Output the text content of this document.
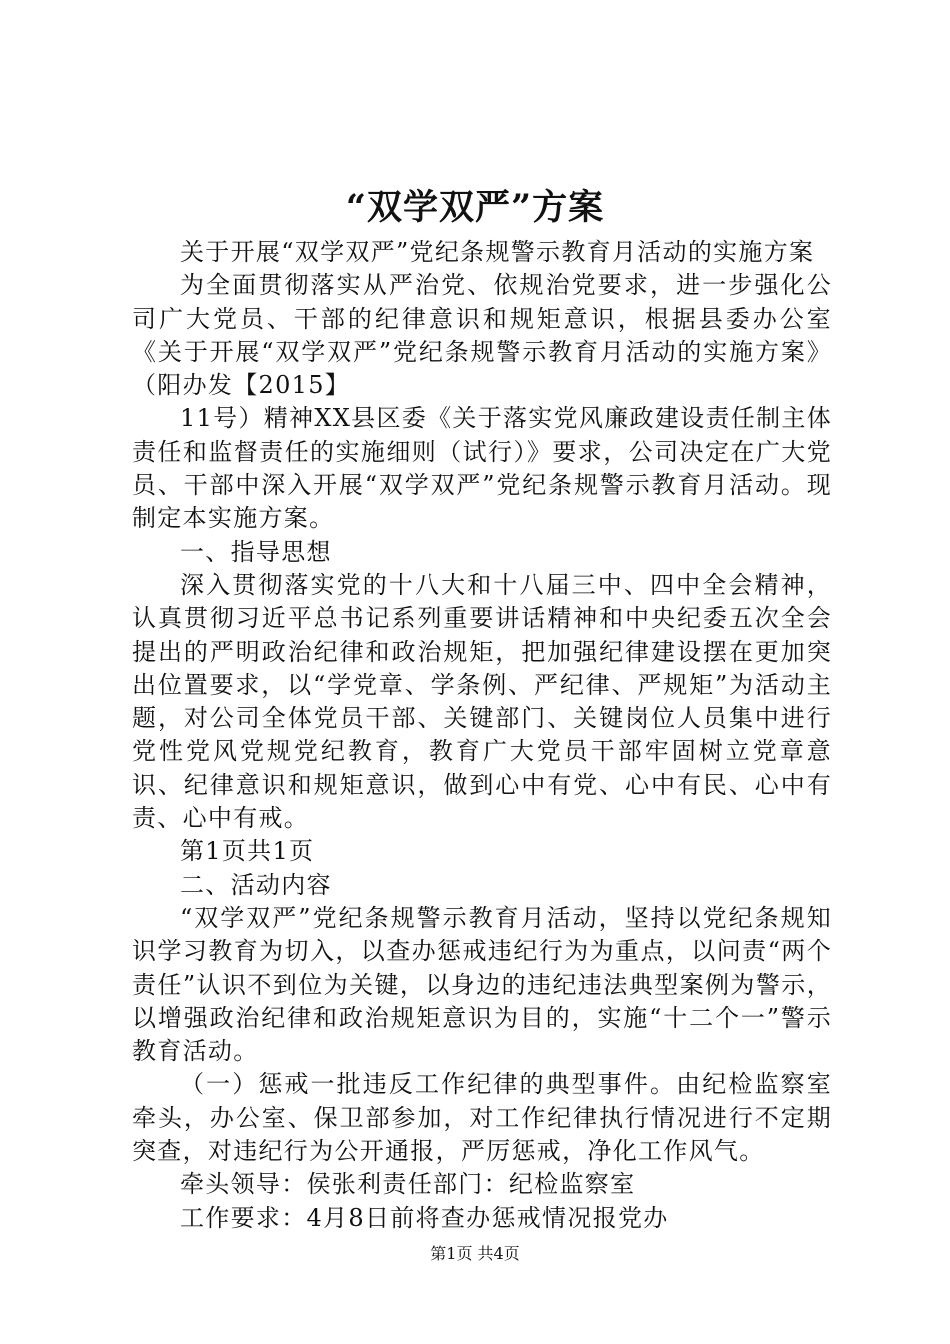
“双学双严”方案

关于开展“双学双严”党纪条规警示教育月活动的实施方案

为全面贯彻落实从严治党、依规治党要求，进一步强化公司广大党员、干部的纪律意识和规矩意识，根据县委办公室《关于开展“双学双严”党纪条规警示教育月活动的实施方案》（阳办发【2015】

11号）精神XX县区委《关于落实党风廉政建设责任制主体责任和监督责任的实施细则（试行）》要求，公司决定在广大党员、干部中深入开展“双学双严”党纪条规警示教育月活动。现制定本实施方案。

一、指导思想

深入贯彻落实党的十八大和十八届三中、四中全会精神，认真贯彻习近平总书记系列重要讲话精神和中央纪委五次全会提出的严明政治纪律和政治规矩，把加强纪律建设摆在更加突出位置要求，以“学党章、学条例、严纪律、严规矩”为活动主题，对公司全体党员干部、关键部门、关键岗位人员集中进行党性党风党规党纪教育，教育广大党员干部牢固树立党章意识、纪律意识和规矩意识，做到心中有党、心中有民、心中有责、心中有戒。

第1页共1页

二、活动内容

“双学双严”党纪条规警示教育月活动，坚持以党纪条规知识学习教育为切入，以查办惩戒违纪行为为重点，以问责“两个责任”认识不到位为关键，以身边的违纪违法典型案例为警示，以增强政治纪律和政治规矩意识为目的，实施“十二个一”警示教育活动。

（一）惩戒一批违反工作纪律的典型事件。由纪检监察室牵头，办公室、保卫部参加，对工作纪律执行情况进行不定期突查，对违纪行为公开通报，严厉惩戒，净化工作风气。

牵头领导：侯张利责任部门：纪检监察室

工作要求：4月8日前将查办惩戒情况报党办

第1页 共4页
